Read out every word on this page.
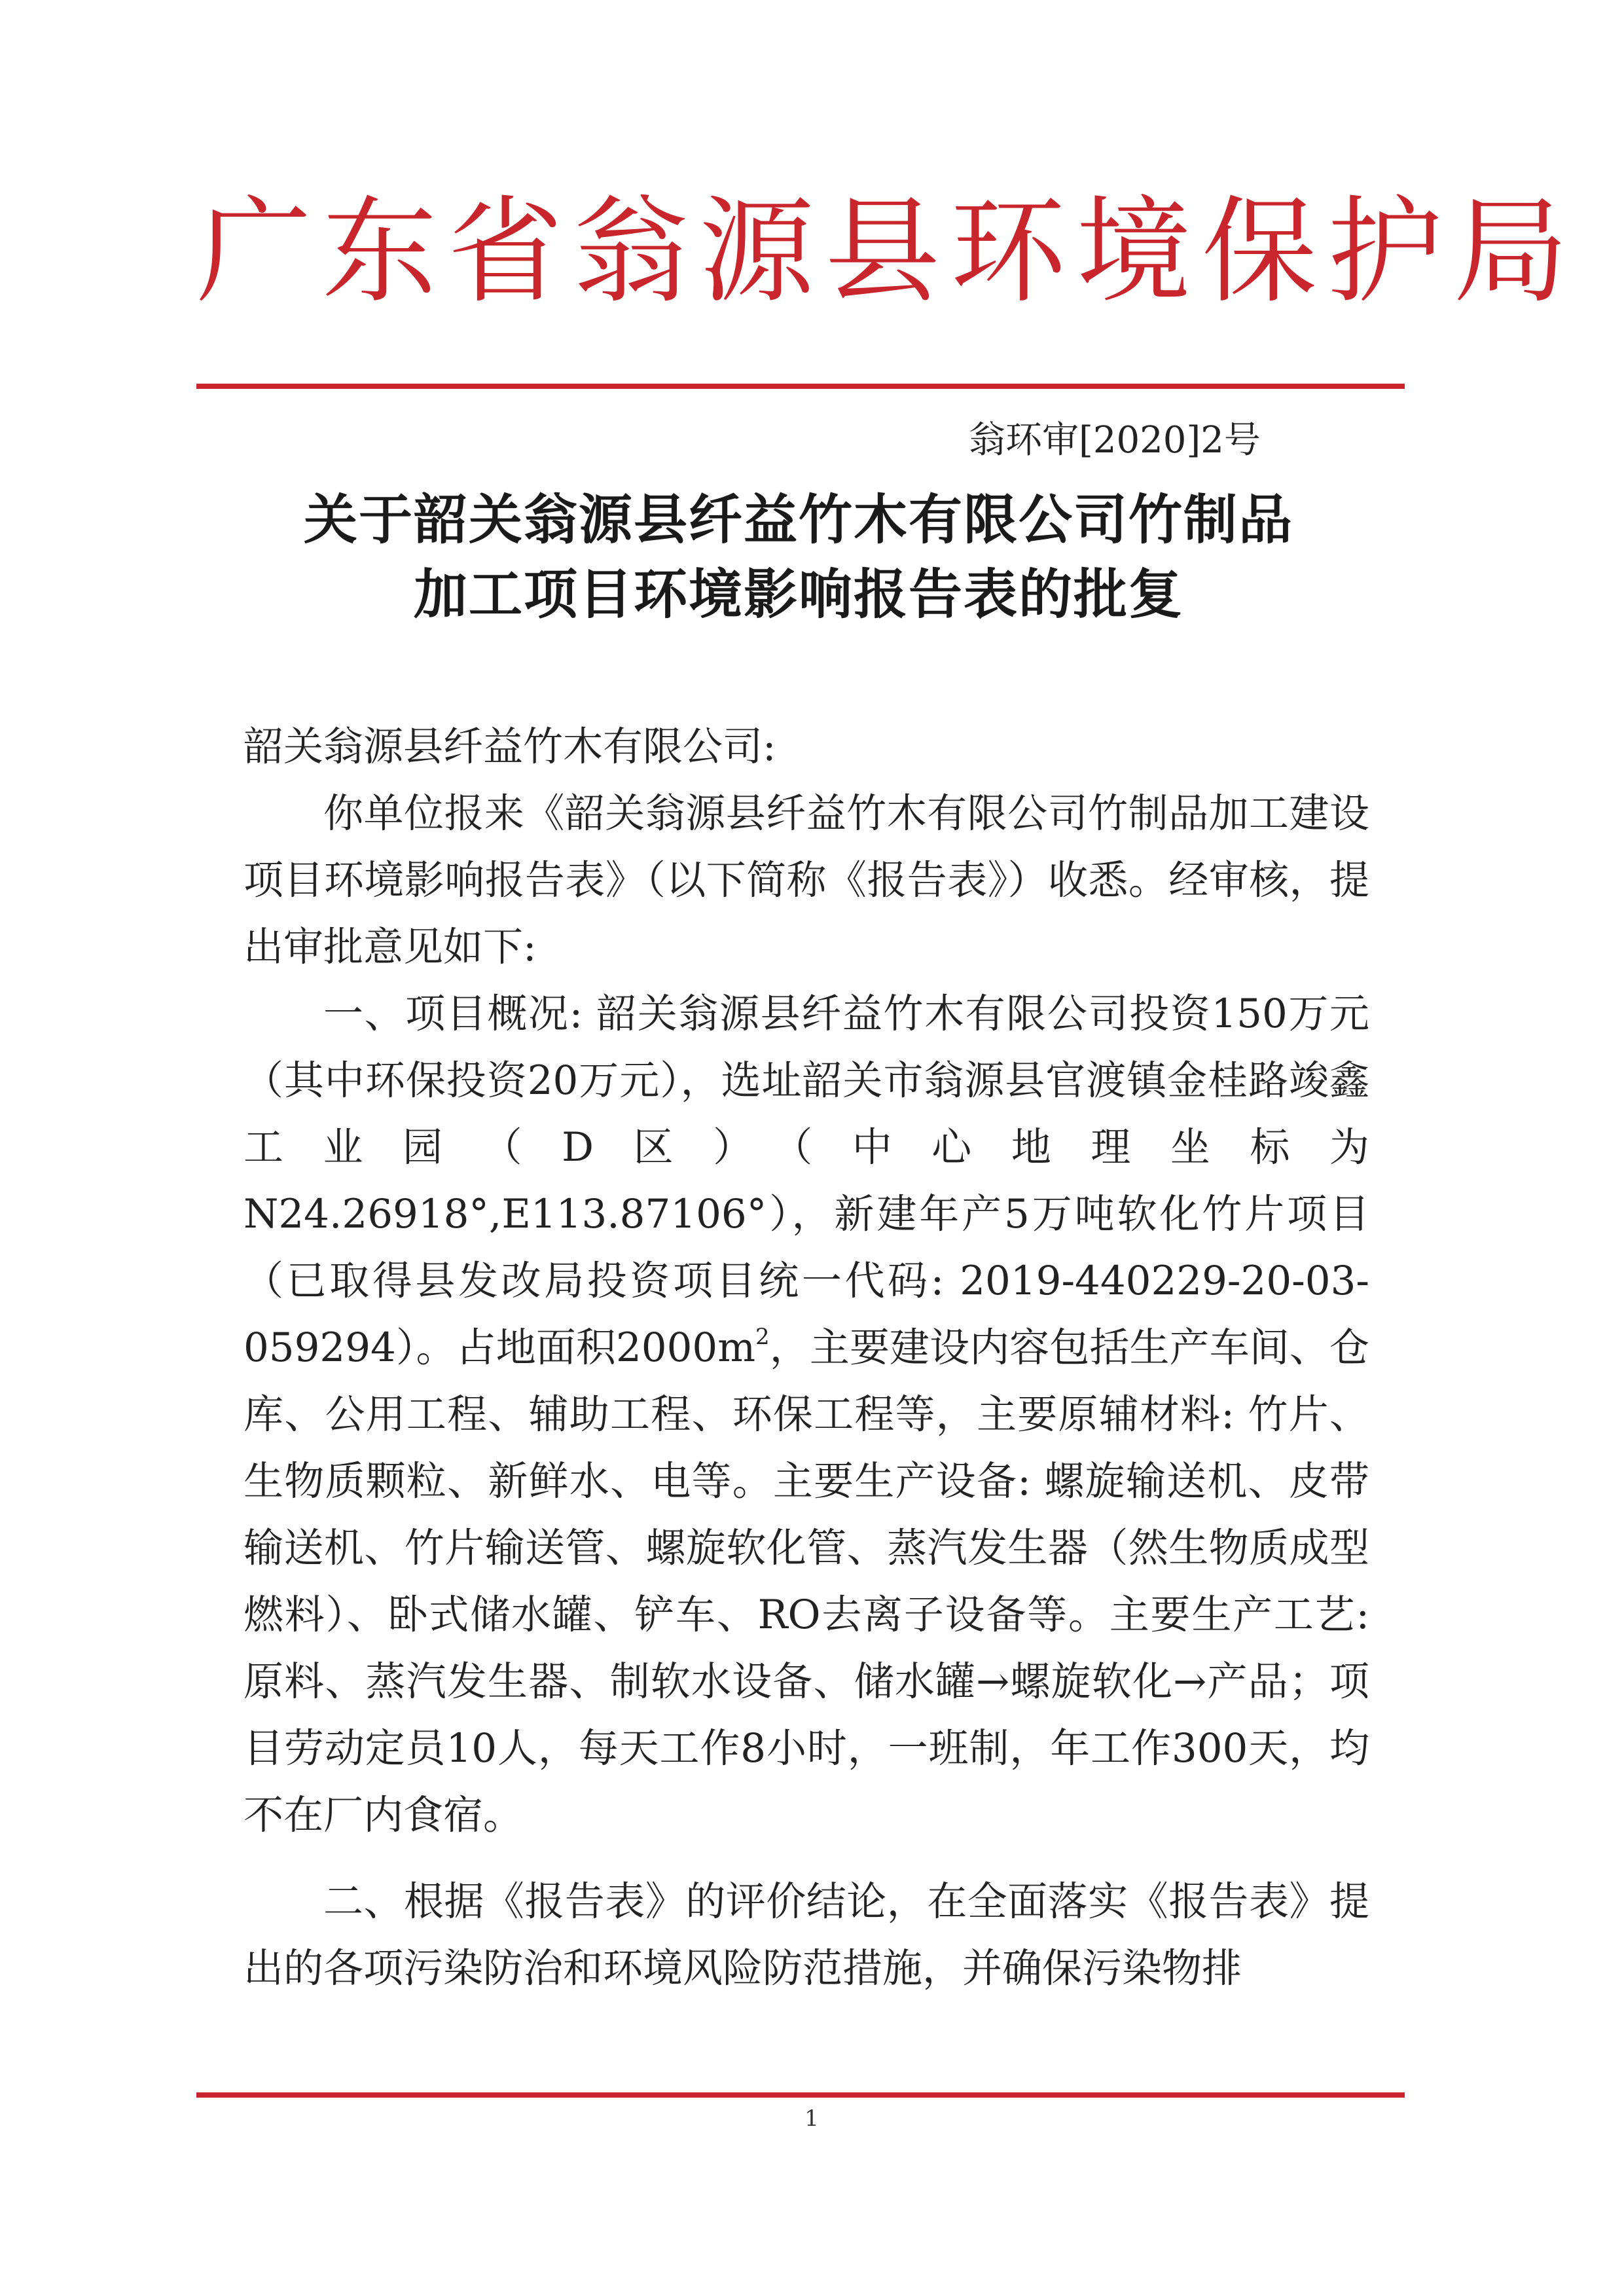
广东省翁源县环境保护局
翁环审[2020]2号
关于韶关翁源县纤益竹木有限公司竹制品
加工项目环境影响报告表的批复

韶关翁源县纤益竹木有限公司:

你单位报来《韶关翁源县纤益竹木有限公司竹制品加工建设项目环境影响报告表》（以下简称《报告表》）收悉。经审核，提出审批意见如下:

一、项目概况: 韶关翁源县纤益竹木有限公司投资150万元（其中环保投资20万元），选址韶关市翁源县官渡镇金桂路竣鑫工业园（D区）（中心地理坐标为N24.26918°,E113.87106°），新建年产5万吨软化竹片项目（已取得县发改局投资项目统一代码: 2019-440229-20-03-059294）。占地面积$2000m^2$，主要建设内容包括生产车间、仓库、公用工程、辅助工程、环保工程等，主要原辅材料: 竹片、生物质颗粒、新鲜水、电等。主要生产设备: 螺旋输送机、皮带输送机、竹片输送管、螺旋软化管、蒸汽发生器（然生物质成型燃料）、卧式储水罐、铲车、RO去离子设备等。主要生产工艺: 原料、蒸汽发生器、制软水设备、储水罐→螺旋软化→产品；项目劳动定员10人，每天工作8小时，一班制，年工作300天，均不在厂内食宿。

二、根据《报告表》的评价结论，在全面落实《报告表》提出的各项污染防治和环境风险防范措施，并确保污染物排

1
